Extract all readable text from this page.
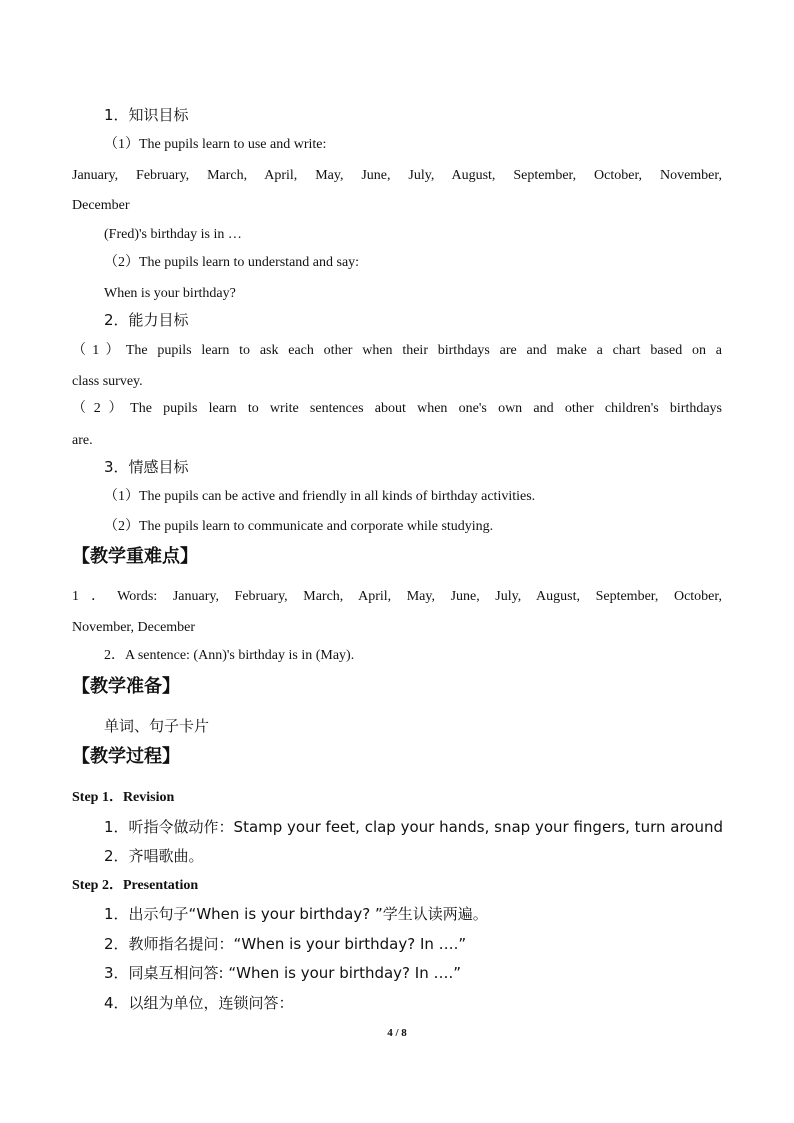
1．知识目标
（1）The pupils learn to use and write:
January, February, March, April, May, June, July, August, September, October, November,
December
(Fred)'s birthday is in …
（2）The pupils learn to understand and say:
When is your birthday?
2．能力目标
（1）The pupils learn to ask each other when their birthdays are and make a chart based on a
class survey.
（2）The pupils learn to write sentences about when one's own and other children's birthdays
are.
3．情感目标
（1）The pupils can be active and friendly in all kinds of birthday activities.
（2）The pupils learn to communicate and corporate while studying.
【教学重难点】
1．Words: January, February, March, April, May, June, July, August, September, October,
November, December
2．A sentence: (Ann)'s birthday is in (May).
【教学准备】
单词、句子卡片
【教学过程】
Step 1．Revision
1．听指令做动作：Stamp your feet, clap your hands, snap your fingers, turn around
2．齐唱歌曲。
Step 2．Presentation
1．出示句子“When is your birthday? ”学生认读两遍。
2．教师指名提问：“When is your birthday? In ….”
3．同桌互相问答: “When is your birthday? In ….”
4．以组为单位，连锁问答：
4 / 8
